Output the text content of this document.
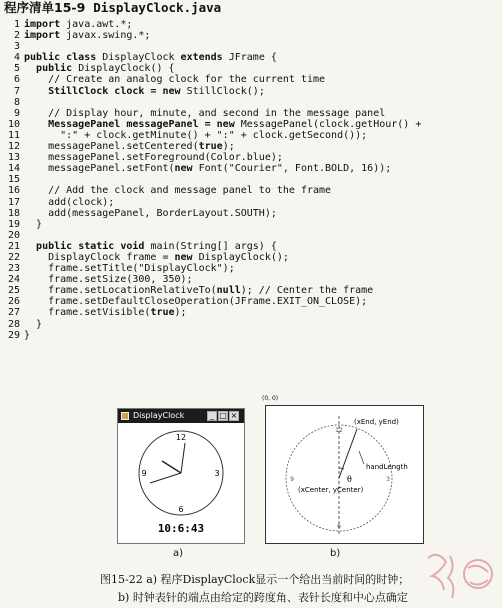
程序清单15-9 DisplayClock.java
1 import java.awt.*;
2 import javax.swing.*;
3
4 public class DisplayClock extends JFrame {
5 public DisplayClock() {
6    // Create an analog clock for the current time
7    StillClock clock = new StillClock();
8
9    // Display hour, minute, and second in the message panel
10    MessagePanel messagePanel = new MessagePanel(clock.getHour() +
11      ":" + clock.getMinute() + ":" + clock.getSecond());
12    messagePanel.setCentered(true);
13    messagePanel.setForeground(Color.blue);
14    messagePanel.setFont(new Font("Courier", Font.BOLD, 16));
15
16    // Add the clock and message panel to the frame
17    add(clock);
18    add(messagePanel, BorderLayout.SOUTH);
19  }
20
21 public static void main(String[] args) {
22    DisplayClock frame = new DisplayClock();
23    frame.setTitle("DisplayClock");
24    frame.setSize(300, 350);
25    frame.setLocationRelativeTo(null); // Center the frame
26    frame.setDefaultCloseOperation(JFrame.EXIT_ON_CLOSE);
27    frame.setVisible(true);
28  }
29 }
DisplayClock	_ □ ×
12
3
6
9
10:6:43
a)
θ
handLength
(xEnd, yEnd)
(xCenter, yCenter)
12
3
6
9
(0, 0)
b)
图15-22 a) 程序DisplayClock显示一个给出当前时间的时钟；
b) 时钟表针的端点由给定的跨度角、表针长度和中心点确定
